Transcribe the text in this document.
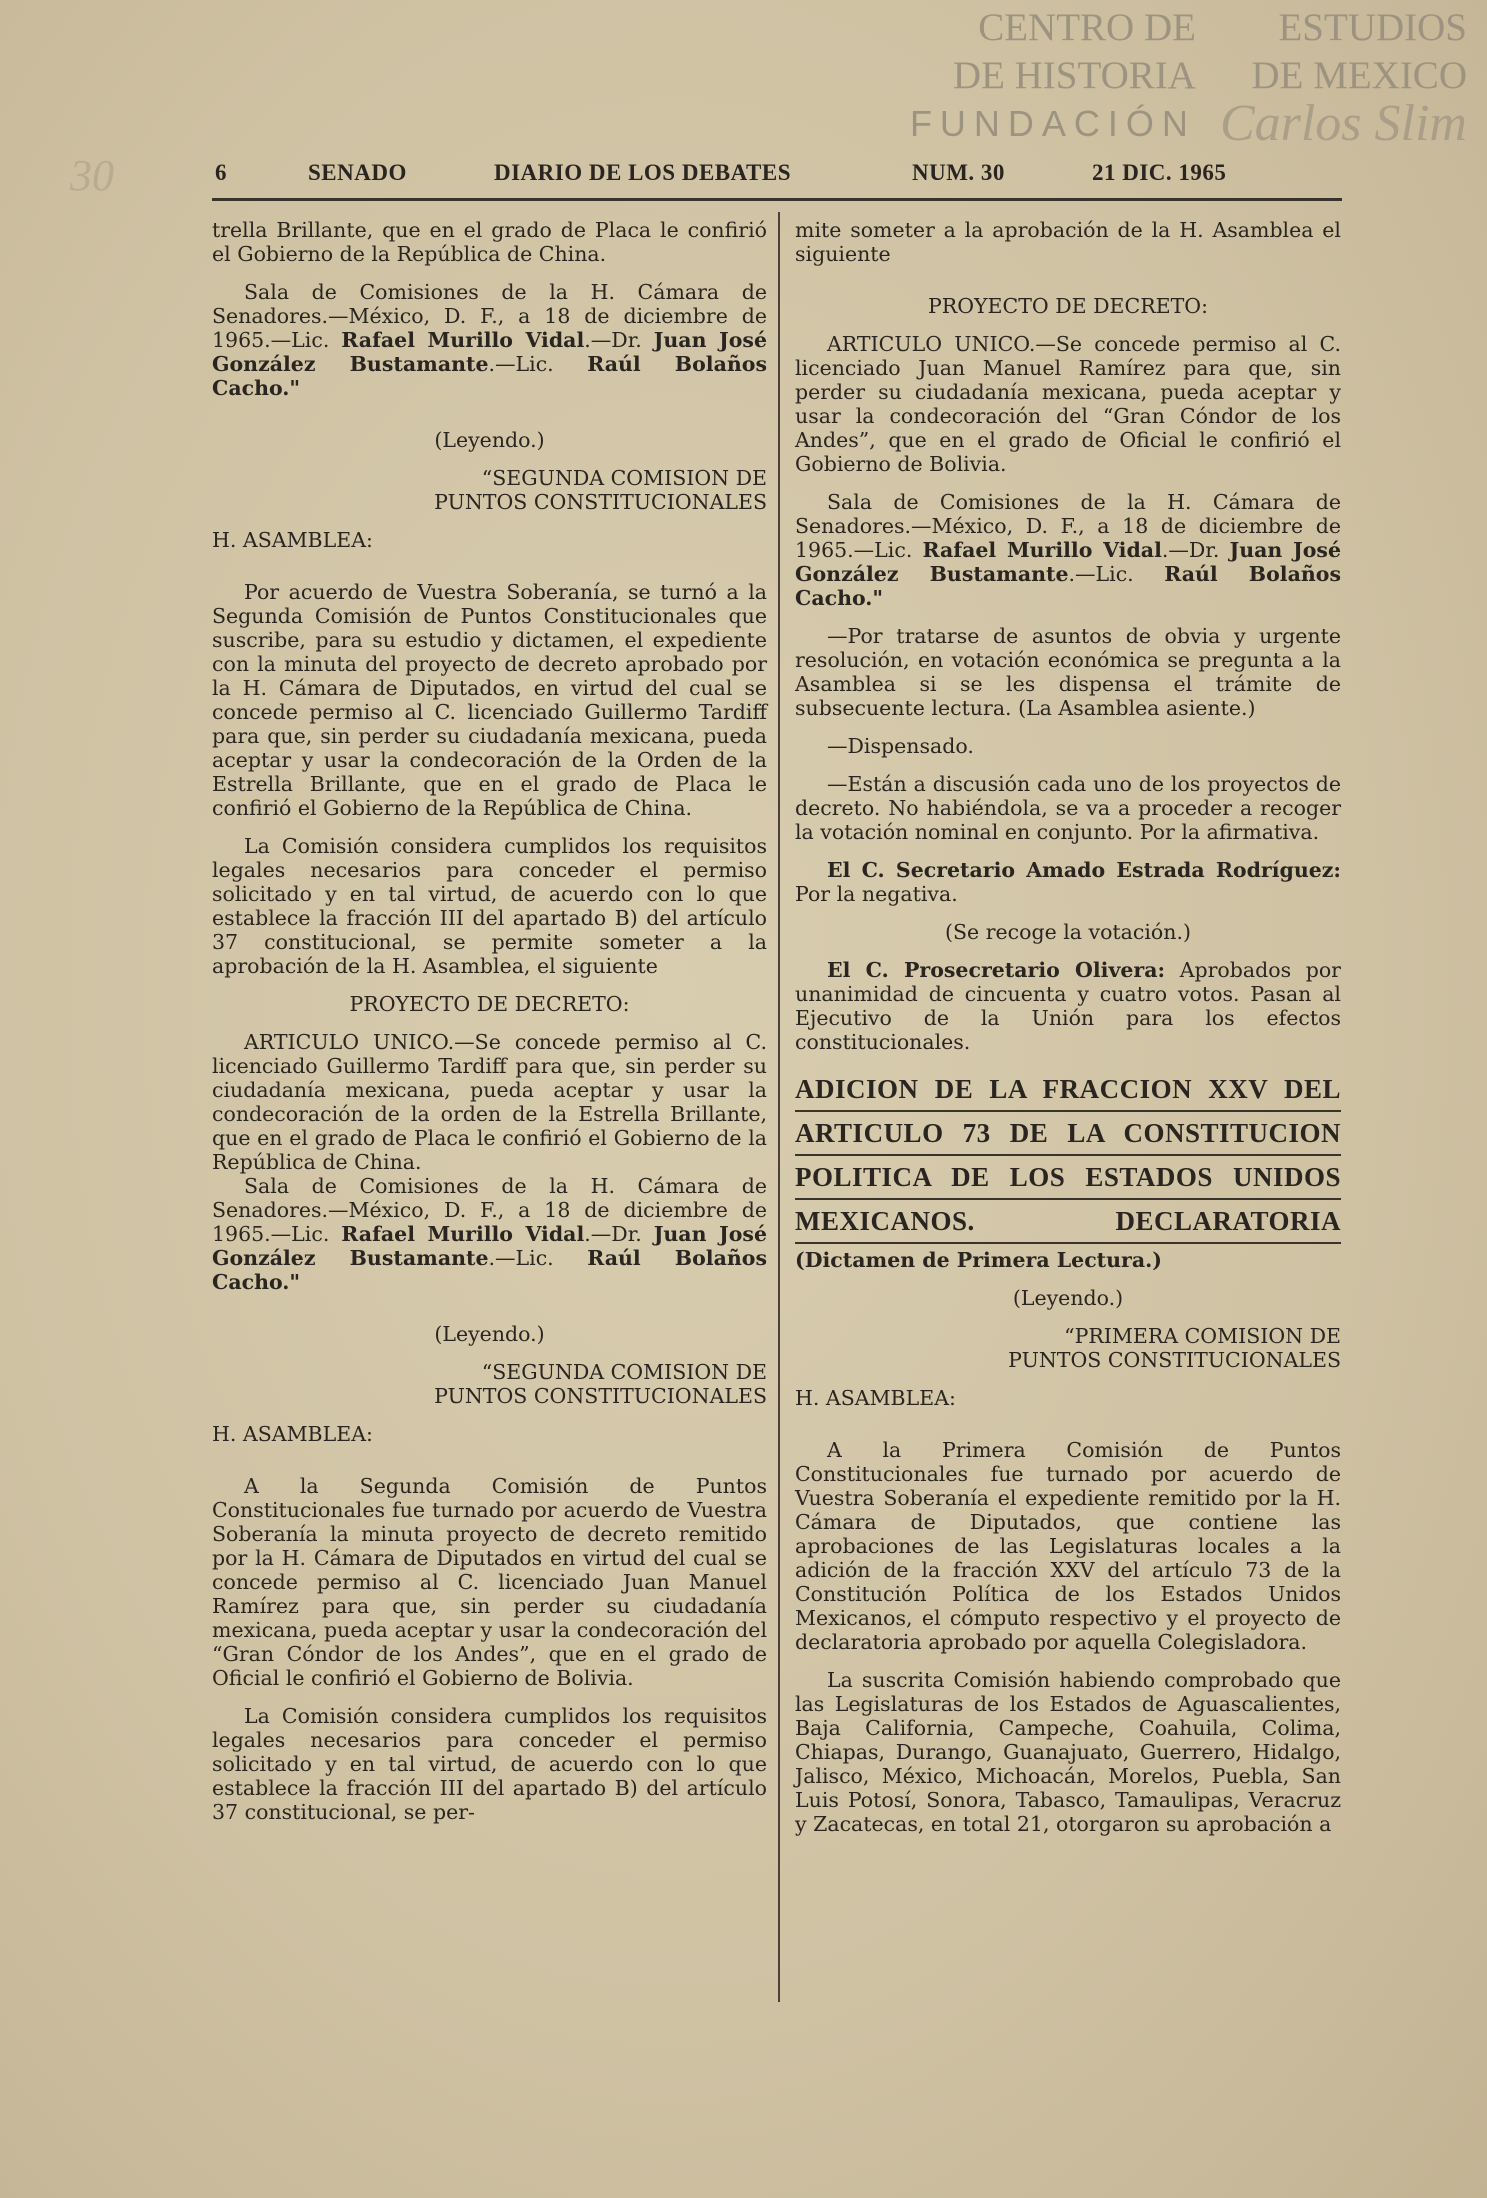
CENTRO DE	ESTUDIOS
DE HISTORIA	DE MEXICO
FUNDACIÓN Carlos Slim
30	6	SENADO	DIARIO DE LOS DEBATES	NUM. 30	21 DIC. 1965

trella Brillante, que en el grado de Placa le confirió el Gobierno de la República de China.

Sala de Comisiones de la H. Cámara de Senadores.—México, D. F., a 18 de diciembre de 1965.—Lic. Rafael Murillo Vidal.—Dr. Juan José González Bustamante.—Lic. Raúl Bolaños Cacho."

(Leyendo.)

“SEGUNDA COMISION DE
PUNTOS CONSTITUCIONALES

H. ASAMBLEA:

Por acuerdo de Vuestra Soberanía, se turnó a la Segunda Comisión de Puntos Constitucionales que suscribe, para su estudio y dictamen, el expediente con la minuta del proyecto de decreto aprobado por la H. Cámara de Diputados, en virtud del cual se concede permiso al C. licenciado Guillermo Tardiff para que, sin perder su ciudadanía mexicana, pueda aceptar y usar la condecoración de la Orden de la Estrella Brillante, que en el grado de Placa le confirió el Gobierno de la República de China.

La Comisión considera cumplidos los requisitos legales necesarios para conceder el permiso solicitado y en tal virtud, de acuerdo con lo que establece la fracción III del apartado B) del artículo 37 constitucional, se permite someter a la aprobación de la H. Asamblea, el siguiente

PROYECTO DE DECRETO:

ARTICULO UNICO.—Se concede permiso al C. licenciado Guillermo Tardiff para que, sin perder su ciudadanía mexicana, pueda aceptar y usar la condecoración de la orden de la Estrella Brillante, que en el grado de Placa le confirió el Gobierno de la República de China.

Sala de Comisiones de la H. Cámara de Senadores.—México, D. F., a 18 de diciembre de 1965.—Lic. Rafael Murillo Vidal.—Dr. Juan José González Bustamante.—Lic. Raúl Bolaños Cacho."

(Leyendo.)

“SEGUNDA COMISION DE
PUNTOS CONSTITUCIONALES

H. ASAMBLEA:

A la Segunda Comisión de Puntos Constitucionales fue turnado por acuerdo de Vuestra Soberanía la minuta proyecto de decreto remitido por la H. Cámara de Diputados en virtud del cual se concede permiso al C. licenciado Juan Manuel Ramírez para que, sin perder su ciudadanía mexicana, pueda aceptar y usar la condecoración del “Gran Cóndor de los Andes”, que en el grado de Oficial le confirió el Gobierno de Bolivia.

La Comisión considera cumplidos los requisitos legales necesarios para conceder el permiso solicitado y en tal virtud, de acuerdo con lo que establece la fracción III del apartado B) del artículo 37 constitucional, se per-

mite someter a la aprobación de la H. Asamblea el siguiente

PROYECTO DE DECRETO:

ARTICULO UNICO.—Se concede permiso al C. licenciado Juan Manuel Ramírez para que, sin perder su ciudadanía mexicana, pueda aceptar y usar la condecoración del “Gran Cóndor de los Andes”, que en el grado de Oficial le confirió el Gobierno de Bolivia.

Sala de Comisiones de la H. Cámara de Senadores.—México, D. F., a 18 de diciembre de 1965.—Lic. Rafael Murillo Vidal.—Dr. Juan José González Bustamante.—Lic. Raúl Bolaños Cacho."

—Por tratarse de asuntos de obvia y urgente resolución, en votación económica se pregunta a la Asamblea si se les dispensa el trámite de subsecuente lectura. (La Asamblea asiente.)

—Dispensado.

—Están a discusión cada uno de los proyectos de decreto. No habiéndola, se va a proceder a recoger la votación nominal en conjunto. Por la afirmativa.

El C. Secretario Amado Estrada Rodríguez: Por la negativa.

(Se recoge la votación.)

El C. Prosecretario Olivera: Aprobados por unanimidad de cincuenta y cuatro votos. Pasan al Ejecutivo de la Unión para los efectos constitucionales.

ADICION DE LA FRACCION XXV DEL
ARTICULO 73 DE LA CONSTITUCION
POLITICA DE LOS ESTADOS UNIDOS
MEXICANOS. DECLARATORIA

(Dictamen de Primera Lectura.)

(Leyendo.)

“PRIMERA COMISION DE
PUNTOS CONSTITUCIONALES

H. ASAMBLEA:

A la Primera Comisión de Puntos Constitucionales fue turnado por acuerdo de Vuestra Soberanía el expediente remitido por la H. Cámara de Diputados, que contiene las aprobaciones de las Legislaturas locales a la adición de la fracción XXV del artículo 73 de la Constitución Política de los Estados Unidos Mexicanos, el cómputo respectivo y el proyecto de declaratoria aprobado por aquella Colegisladora.

La suscrita Comisión habiendo comprobado que las Legislaturas de los Estados de Aguascalientes, Baja California, Campeche, Coahuila, Colima, Chiapas, Durango, Guanajuato, Guerrero, Hidalgo, Jalisco, México, Michoacán, Morelos, Puebla, San Luis Potosí, Sonora, Tabasco, Tamaulipas, Veracruz y Zacatecas, en total 21, otorgaron su aprobación a
